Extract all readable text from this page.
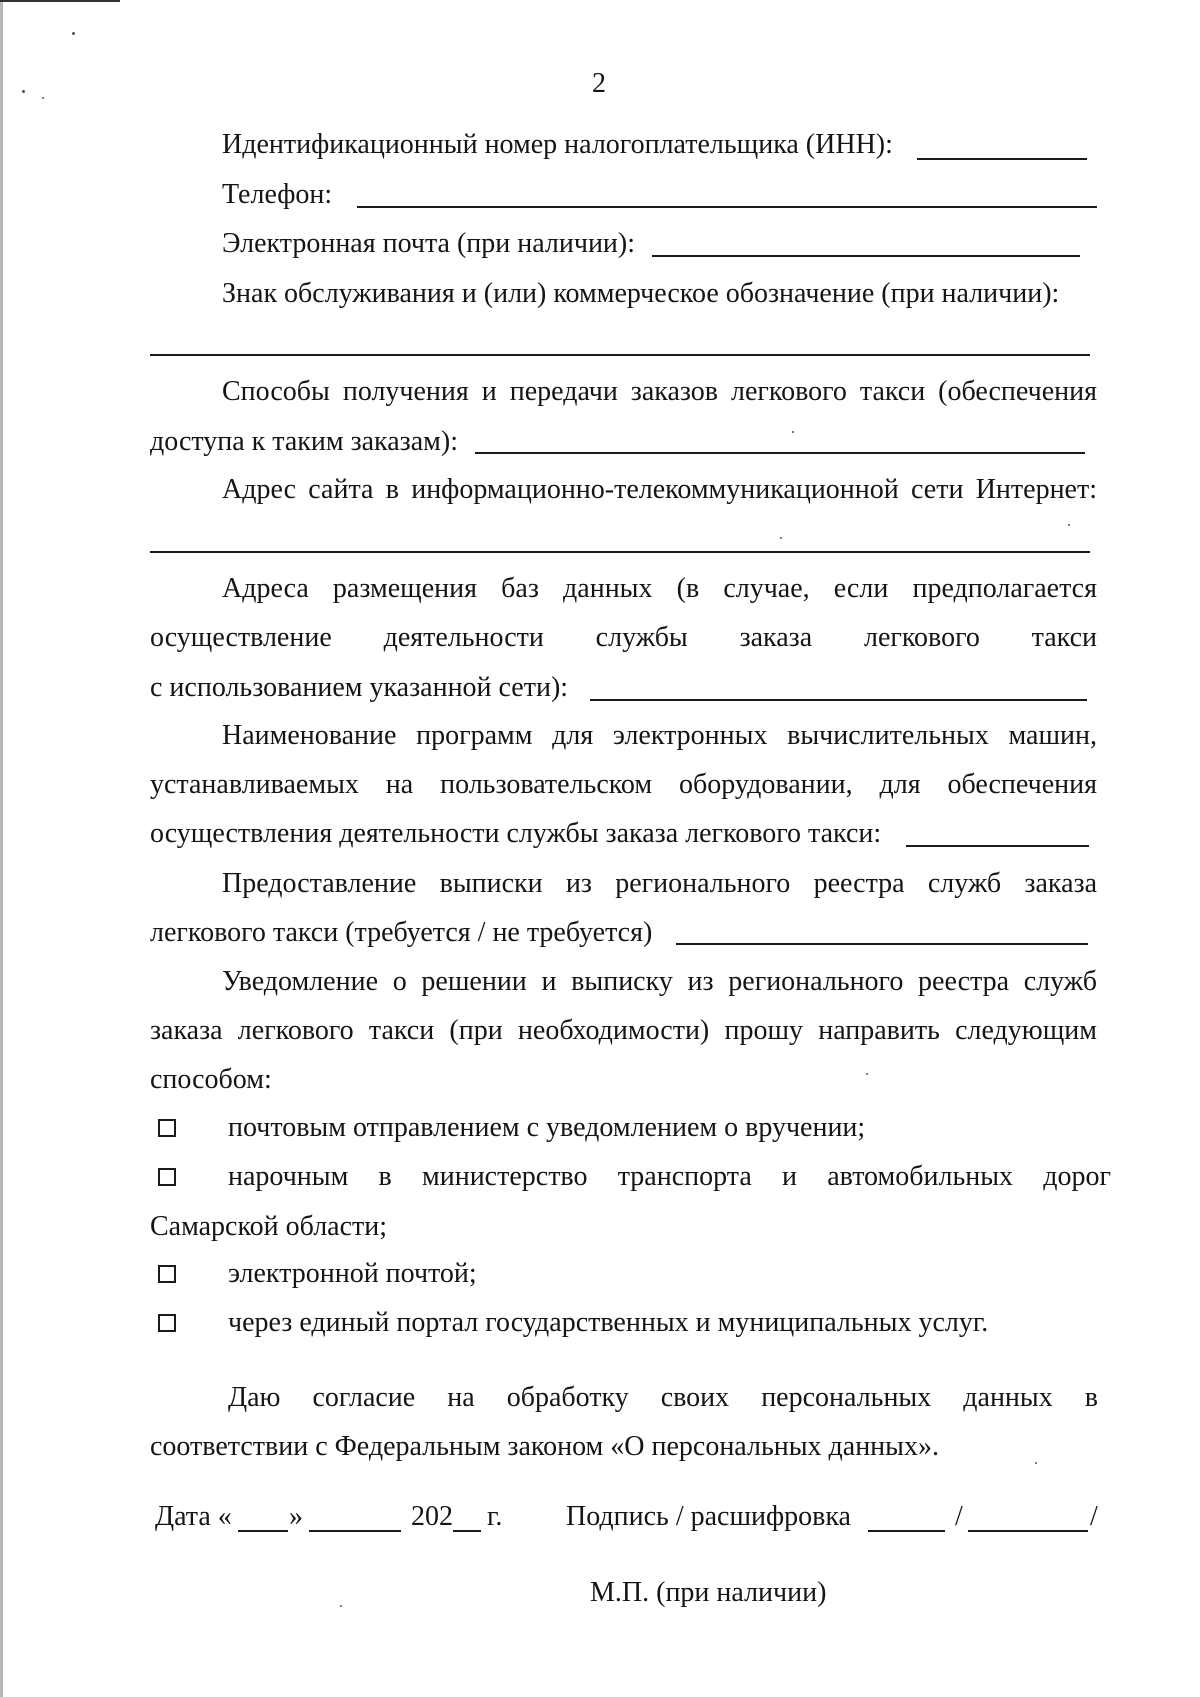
2
Идентификационный номер налогоплательщика (ИНН):
Телефон:
Электронная почта (при наличии):
Знак обслуживания и (или) коммерческое обозначение (при наличии):
Способы получения и передачи заказов легкового такси (обеспечения
доступа к таким заказам):
Адрес сайта в информационно-телекоммуникационной сети Интернет:
Адреса размещения баз данных (в случае, если предполагается
осуществление деятельности службы заказа легкового такси
с использованием указанной сети):
Наименование программ для электронных вычислительных машин,
устанавливаемых на пользовательском оборудовании, для обеспечения
осуществления деятельности службы заказа легкового такси:
Предоставление выписки из регионального реестра служб заказа
легкового такси (требуется / не требуется)
Уведомление о решении и выписку из регионального реестра служб
заказа легкового такси (при необходимости) прошу направить следующим
способом:
почтовым отправлением с уведомлением о вручении;
нарочным в министерство транспорта и автомобильных дорог
Самарской области;
электронной почтой;
через единый портал государственных и муниципальных услуг.
Даю согласие на обработку своих персональных данных в
соответствии с Федеральным законом «О персональных данных».
Дата « »	202 г. Подпись / расшифровка	/	/
М.П. (при наличии)
